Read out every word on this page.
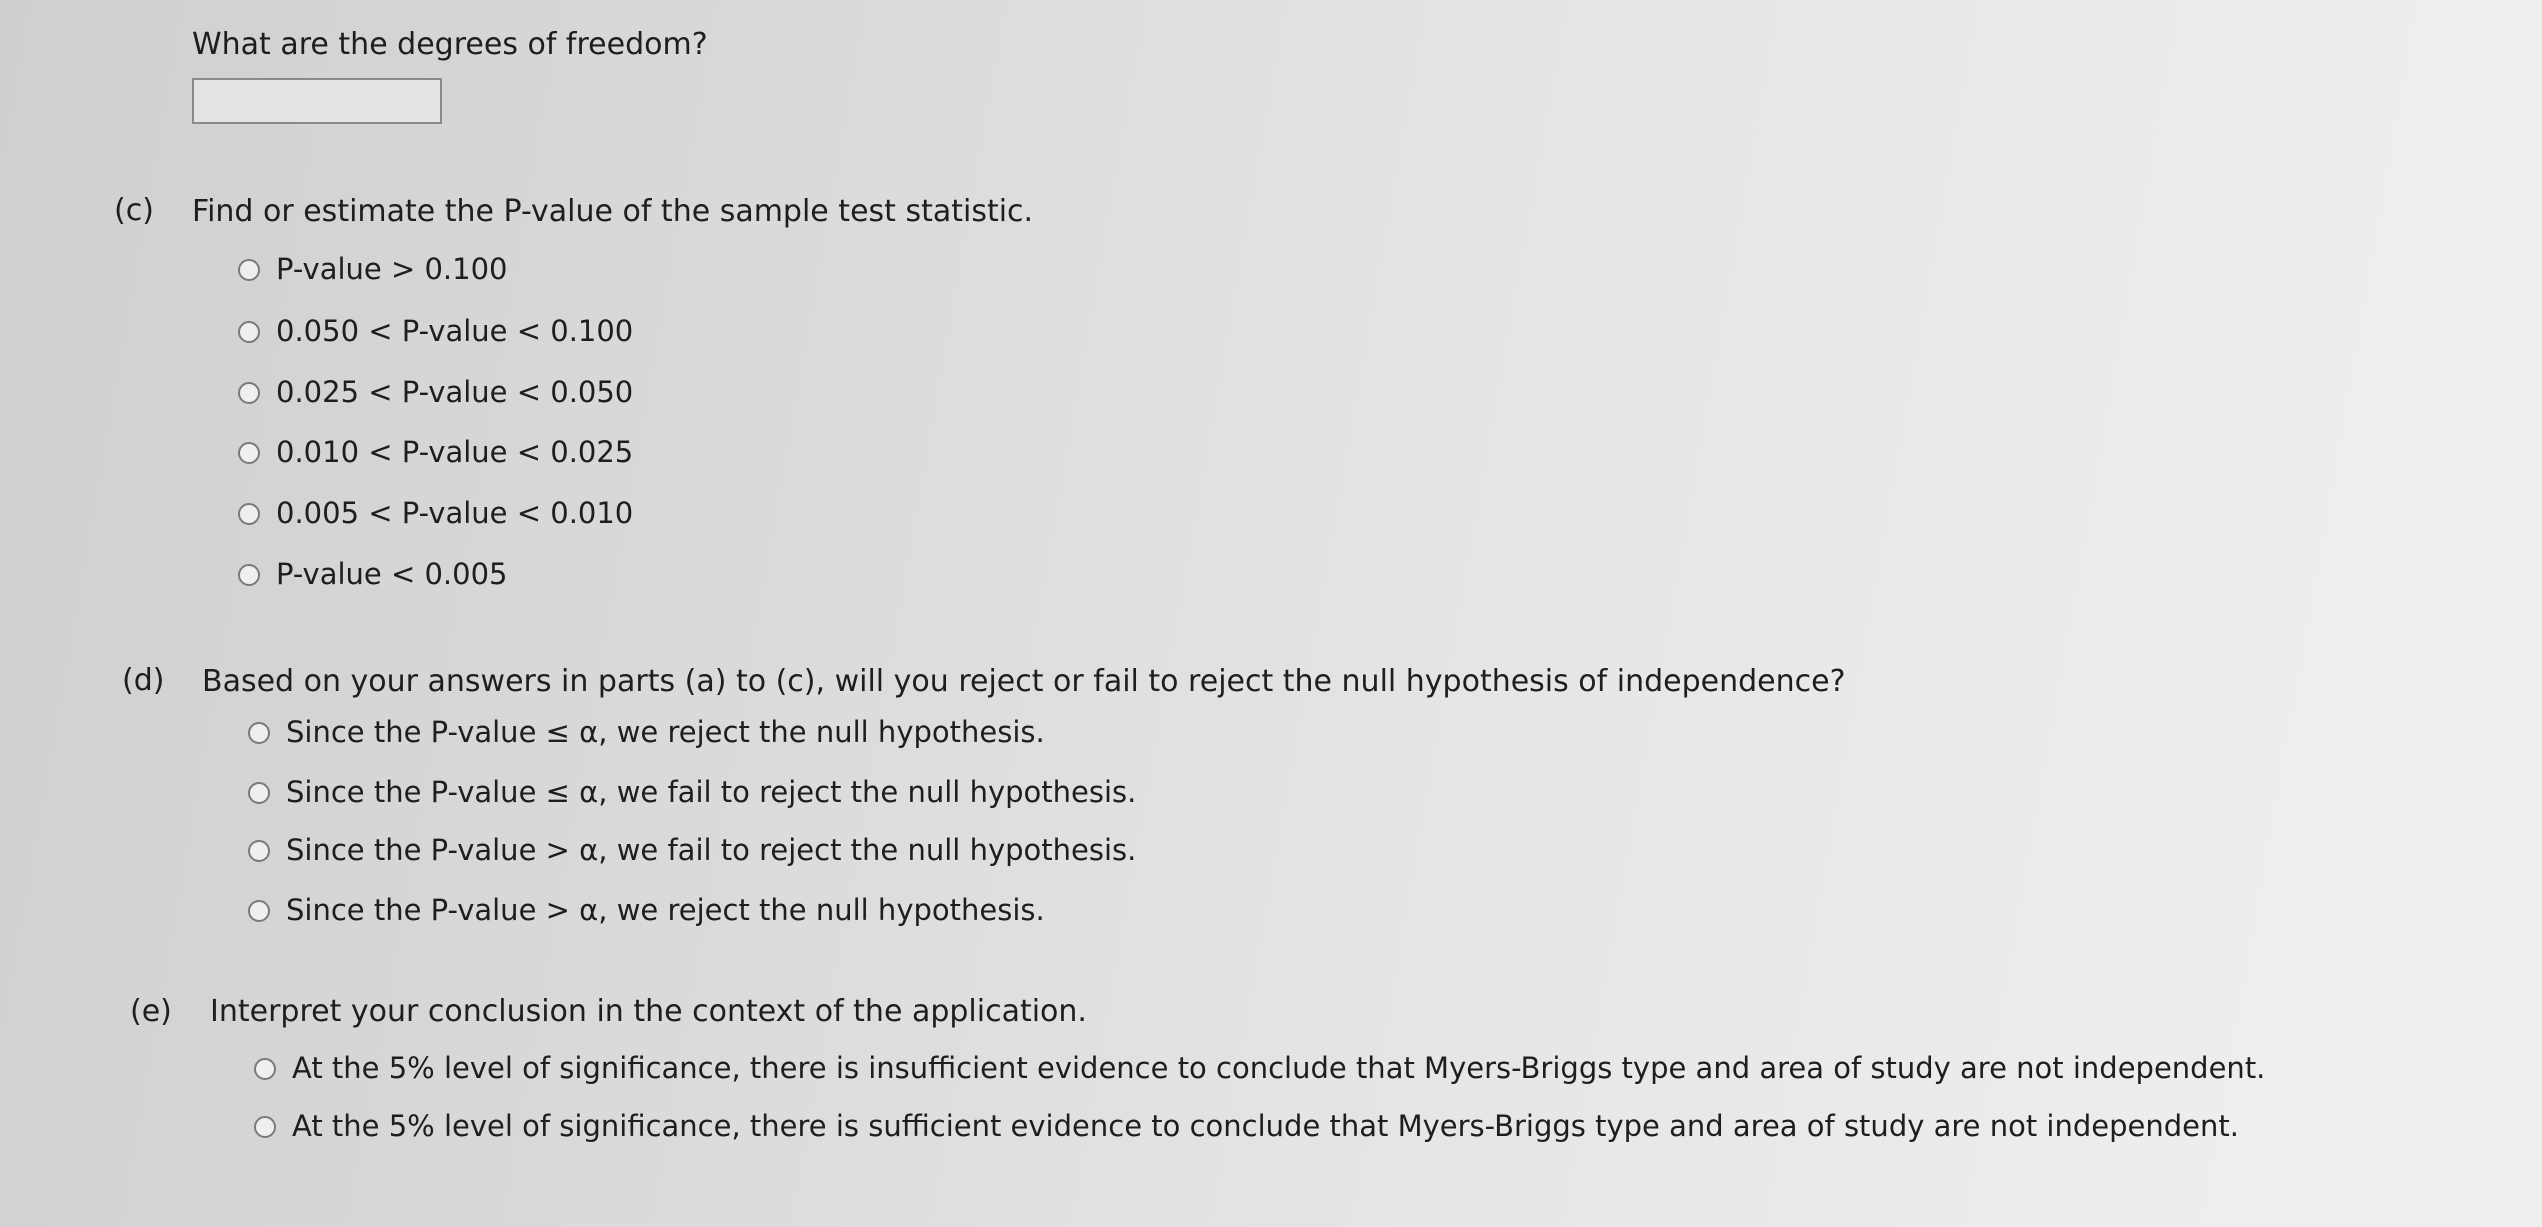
What are the degrees of freedom?
(c) Find or estimate the P-value of the sample test statistic.
P-value > 0.100
0.050 < P-value < 0.100
0.025 < P-value < 0.050
0.010 < P-value < 0.025
0.005 < P-value < 0.010
P-value < 0.005
(d) Based on your answers in parts (a) to (c), will you reject or fail to reject the null hypothesis of independence?
Since the P-value ≤ α, we reject the null hypothesis.
Since the P-value ≤ α, we fail to reject the null hypothesis.
Since the P-value > α, we fail to reject the null hypothesis.
Since the P-value > α, we reject the null hypothesis.
(e) Interpret your conclusion in the context of the application.
At the 5% level of significance, there is insufficient evidence to conclude that Myers-Briggs type and area of study are not independent.
At the 5% level of significance, there is sufficient evidence to conclude that Myers-Briggs type and area of study are not independent.
